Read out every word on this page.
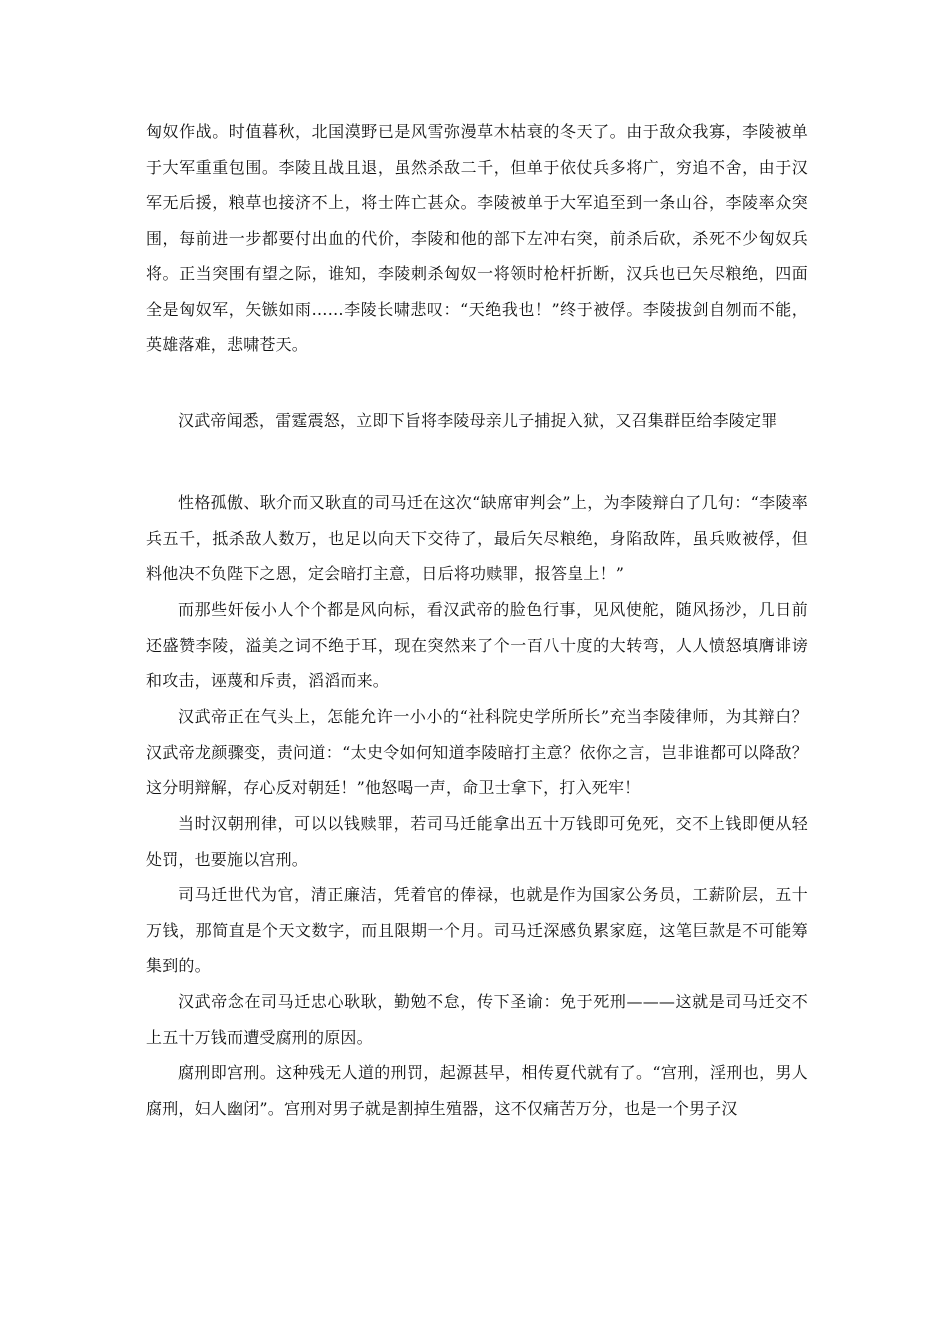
匈奴作战。时值暮秋，北国漠野已是风雪弥漫草木枯衰的冬天了。由于敌众我寡，李陵被单于大军重重包围。李陵且战且退，虽然杀敌二千，但单于依仗兵多将广，穷追不舍，由于汉军无后援，粮草也接济不上，将士阵亡甚众。李陵被单于大军追至到一条山谷，李陵率众突围，每前进一步都要付出血的代价，李陵和他的部下左冲右突，前杀后砍，杀死不少匈奴兵将。正当突围有望之际，谁知，李陵刺杀匈奴一将领时枪杆折断，汉兵也已矢尽粮绝，四面全是匈奴军，矢镞如雨……李陵长啸悲叹：“天绝我也！”终于被俘。李陵拔剑自刎而不能，英雄落难，悲啸苍天。

汉武帝闻悉，雷霆震怒，立即下旨将李陵母亲儿子捕捉入狱，又召集群臣给李陵定罪

性格孤傲、耿介而又耿直的司马迁在这次“缺席审判会”上，为李陵辩白了几句：“李陵率兵五千，抵杀敌人数万，也足以向天下交待了，最后矢尽粮绝，身陷敌阵，虽兵败被俘，但料他决不负陛下之恩，定会暗打主意，日后将功赎罪，报答皇上！”

而那些奸佞小人个个都是风向标，看汉武帝的脸色行事，见风使舵，随风扬沙，几日前还盛赞李陵，溢美之词不绝于耳，现在突然来了个一百八十度的大转弯，人人愤怒填膺诽谤和攻击，诬蔑和斥责，滔滔而来。

汉武帝正在气头上，怎能允许一小小的“社科院史学所所长”充当李陵律师，为其辩白？汉武帝龙颜骤变，责问道：“太史令如何知道李陵暗打主意？依你之言，岂非谁都可以降敌？这分明辩解，存心反对朝廷！”他怒喝一声，命卫士拿下，打入死牢！

当时汉朝刑律，可以以钱赎罪，若司马迁能拿出五十万钱即可免死，交不上钱即便从轻处罚，也要施以宫刑。

司马迁世代为官，清正廉洁，凭着官的俸禄，也就是作为国家公务员，工薪阶层，五十万钱，那简直是个天文数字，而且限期一个月。司马迁深感负累家庭，这笔巨款是不可能筹集到的。

汉武帝念在司马迁忠心耿耿，勤勉不怠，传下圣谕：免于死刑———这就是司马迁交不上五十万钱而遭受腐刑的原因。

腐刑即宫刑。这种残无人道的刑罚，起源甚早，相传夏代就有了。“宫刑，淫刑也，男人腐刑，妇人幽闭”。宫刑对男子就是割掉生殖器，这不仅痛苦万分，也是一个男子汉
